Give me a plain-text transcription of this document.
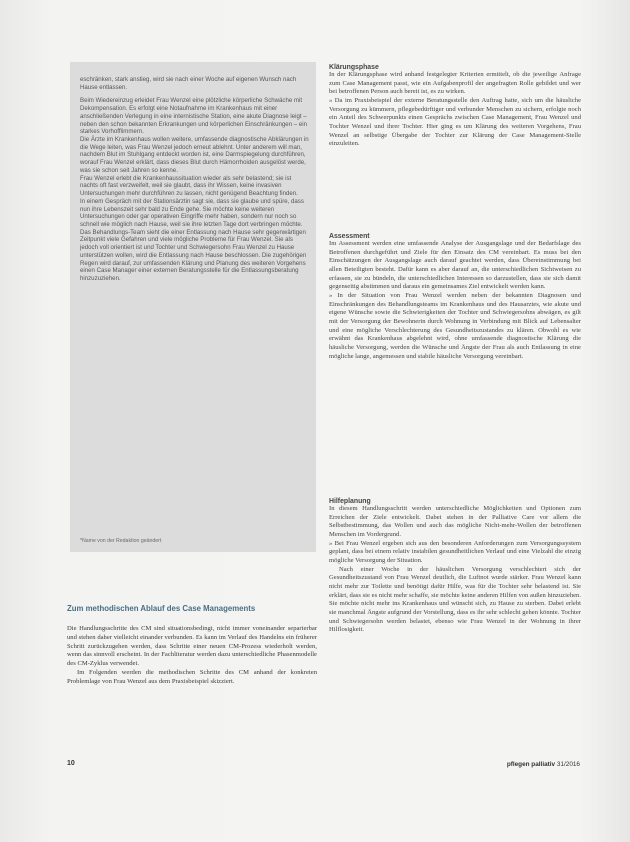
eschränken, stark anstieg, wird sie nach einer Woche auf eigenen Wunsch nach Hause entlassen.

Beim Wiedereinzug erleidet Frau Wenzel eine plötzliche körperliche Schwäche mit Dekompensation. Es erfolgt eine Notaufnahme im Krankenhaus mit einer anschließenden Verlegung in eine internistische Station, eine akute Diagnose leigt – neben den schon bekannten Erkrankungen und körperlichen Einschränkungen – ein starkes Vorhofflimmern.

Die Ärzte im Krankenhaus wollen weitere, umfassende diagnostische Abklärungen in die Wege leiten, was Frau Wenzel jedoch erneut ablehnt. Unter anderem will man, nachdem Blut im Stuhlgang entdeckt worden ist, eine Darmspiegelung durchführen, worauf Frau Wenzel erklärt, dass dieses Blut durch Hämorrhoiden ausgelöst werde, was sie schon seit Jahren so kenne.

Frau Wenzel erlebt die Krankenhaussituation wieder als sehr belastend; sie ist nachts oft fast verzweifelt, weil sie glaubt, dass ihr Wissen, keine invasiven Untersuchungen mehr durchführen zu lassen, nicht genügend Beachtung finden.

In einem Gespräch mit der Stationsärztin sagt sie, dass sie glaube und spüre, dass nun ihre Lebenszeit sehr bald zu Ende gehe. Sie möchte keine weiteren Untersuchungen oder gar operativen Eingriffe mehr haben, sondern nur noch so schnell wie möglich nach Hause, weil sie ihre letzten Tage dort verbringen möchte.

Das Behandlungs-Team sieht die einer Entlassung nach Hause sehr gegenwärtigen Zeitpunkt viele Gefahren und viele mögliche Probleme für Frau Wenzel. Sie als jedoch voll orientiert ist und Tochter und Schwiegersohn Frau Wenzel zu Hause unterstützen wollen, wird die Entlassung nach Hause beschlossen. Die zugehörigen Regen wird darauf, zur umfassenden Klärung und Planung des weiteren Vorgehens einen Case Manager einer externen Beratungsstelle für die Entlassungsberatung hinzuzuziehen.

*Name von der Redaktion geändert
Zum methodischen Ablauf des Case Managements

Die Handlungsschritte des CM sind situationsbedingt, nicht immer voneinander separierbar und stehen daher vielleicht einander verbunden. Es kann im Verlauf des Handelns ein früherer Schritt zurückzugehen werden, dass Schritte einer neuen CM-Prozess wiederholt werden, wenn das sinnvoll erscheint. In der Fachliteratur werden dazu unterschiedliche Phasenmodelle des CM-Zyklus verwendet.

Im Folgenden werden die methodischen Schritte des CM anhand der konkreten Problemlage von Frau Wenzel aus dem Praxisbeispiel skizziert.

Klärungsphase

In der Klärungsphase wird anhand festgelegter Kriterien ermittelt, ob die jeweilige Anfrage zum Case Management passt, wie ein Aufgabenprofil der angefragten Rolle gebildet und wer bei betroffenen Person auch bereit ist, es zu wirken.

» Da im Praxisbeispiel der externe Beratungsstelle den Auftrag hatte, sich um die häusliche Versorgung zu kümmern, pflegebedürftiger und verbunder Menschen zu sichern, erfolgte noch ein Anteil des Schwerpunkts einen Gesprächs zwischen Case Management, Frau Wenzel und Tochter Wenzel und ihrer Tochter. Hier ging es um Klärung des weiteren Vorgehens, Frau Wenzel an selbstige Übergabe der Tochter zur Klärung der Case Management-Stelle einzuleiten.

Assessment

Im Assessment werden eine umfassende Analyse der Ausgangslage und der Bedarfslage des Betroffenen durchgeführt und Ziele für den Einsatz des CM vereinbart. Es muss bei den Einschätzungen der Ausgangslage auch darauf geachtet werden, dass Übereinstimmung bei allen Beteiligten besteht. Dafür kann es aber darauf an, die unterschiedlichen Sichtweisen zu erfassen, sie zu bündeln, die unterschiedlichen Interessen so darzustellen, dass sie sich damit gegenseitig abstimmen und daraus ein gemeinsames Ziel entwickelt werden kann.

» In der Situation von Frau Wenzel werden neben der bekannten Diagnosen und Einschränkungen des Behandlungsteams im Krankenhaus und des Hausarztes, wie akute und eigene Wünsche sowie die Schwierigkeiten der Tochter und Schwiegersohns abwägen, es gilt mit der Versorgung der Bewohnerin durch Wohnung in Verbindung mit Blick auf Lebensalter und eine mögliche Verschlechterung des Gesundheitszustandes zu klären. Obwohl es wie erwähnt das Krankenhaus abgelehnt wird, ohne umfassende diagnostische Klärung die häusliche Versorgung, werden die Wünsche und Ängste der Frau als auch Entlassung in eine mögliche lange, angemessen und stabile häusliche Versorgung vereinbart.

Hilfeplanung

In diesem Handlungsschritt werden unterschiedliche Möglichkeiten und Optionen zum Erreichen der Ziele entwickelt. Dabei stehen in der Palliative Care vor allem die Selbstbestimmung, das Wollen und auch das mögliche Nicht-mehr-Wollen der betroffenen Menschen im Vordergrund.

» Bei Frau Wenzel ergeben sich aus den besonderen Anforderungen zum Versorgungssystem geplant, dass bei einem relativ instabilen gesundheitlichen Verlauf und eine Vielzahl die einzig mögliche Versorgung der Situation.

Nach einer Woche in der häuslichen Versorgung verschlechtert sich der Gesundheitszustand von Frau Wenzel deutlich, die Luftnot wurde stärker. Frau Wenzel kann nicht mehr zur Toilette und benötigt dafür Hilfe, was für die Tochter sehr belastend ist. Sie erklärt, dass sie es nicht mehr schaffe, sie möchte keine anderen Hilfen von außen hinzuziehen. Sie möchte nicht mehr ins Krankenhaus und wünscht sich, zu Hause zu sterben. Dabei erlebt sie manchmal Ängste aufgrund der Vorstellung, dass es ihr sehr schlecht gehen könnte. Tochter und Schwiegersohn werden belastet, ebenso wie Frau Wenzel in der Wohnung in ihrer Hilflosigkeit.

10	pflegen palliativ 31/2016
